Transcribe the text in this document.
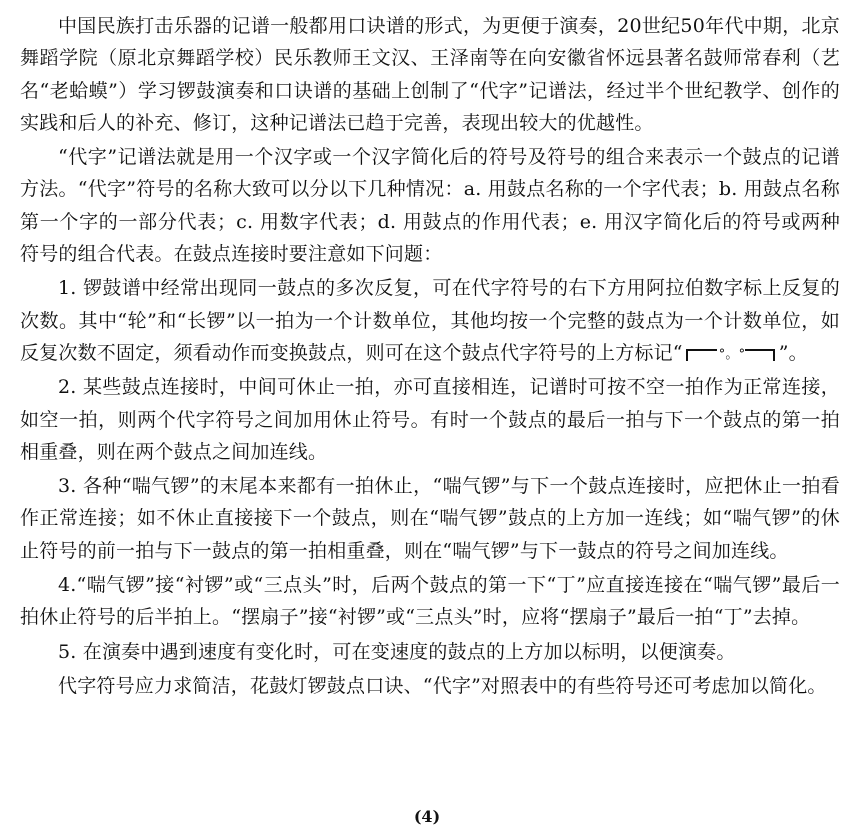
中国民族打击乐器的记谱一般都用口诀谱的形式，为更便于演奏，20世纪50年代中期，北京舞蹈学院（原北京舞蹈学校）民乐教师王文汉、王泽南等在向安徽省怀远县著名鼓师常春利（艺名“老蛤蟆”）学习锣鼓演奏和口诀谱的基础上创制了“代字”记谱法，经过半个世纪教学、创作的实践和后人的补充、修订，这种记谱法已趋于完善，表现出较大的优越性。

“代字”记谱法就是用一个汉字或一个汉字简化后的符号及符号的组合来表示一个鼓点的记谱方法。“代字”符号的名称大致可以分以下几种情况：a. 用鼓点名称的一个字代表；b. 用鼓点名称第一个字的一部分代表；c. 用数字代表；d. 用鼓点的作用代表；e. 用汉字简化后的符号或两种符号的组合代表。在鼓点连接时要注意如下问题：

1. 锣鼓谱中经常出现同一鼓点的多次反复，可在代字符号的右下方用阿拉伯数字标上反复的次数。其中“轮”和“长锣”以一拍为一个计数单位，其他均按一个完整的鼓点为一个计数单位，如反复次数不固定，须看动作而变换鼓点，则可在这个鼓点代字符号的上方标记“	°。° ”。

2. 某些鼓点连接时，中间可休止一拍，亦可直接相连，记谱时可按不空一拍作为正常连接，如空一拍，则两个代字符号之间加用休止符号。有时一个鼓点的最后一拍与下一个鼓点的第一拍相重叠，则在两个鼓点之间加连线。

3. 各种“喘气锣”的末尾本来都有一拍休止，“喘气锣”与下一个鼓点连接时，应把休止一拍看作正常连接；如不休止直接接下一个鼓点，则在“喘气锣”鼓点的上方加一连线；如“喘气锣”的休止符号的前一拍与下一鼓点的第一拍相重叠，则在“喘气锣”与下一鼓点的符号之间加连线。

4.“喘气锣”接“衬锣”或“三点头”时，后两个鼓点的第一下“丁”应直接连接在“喘气锣”最后一拍休止符号的后半拍上。“摆扇子”接“衬锣”或“三点头”时，应将“摆扇子”最后一拍“丁”去掉。

5. 在演奏中遇到速度有变化时，可在变速度的鼓点的上方加以标明，以便演奏。

代字符号应力求简洁，花鼓灯锣鼓点口诀、“代字”对照表中的有些符号还可考虑加以简化。

(4)
